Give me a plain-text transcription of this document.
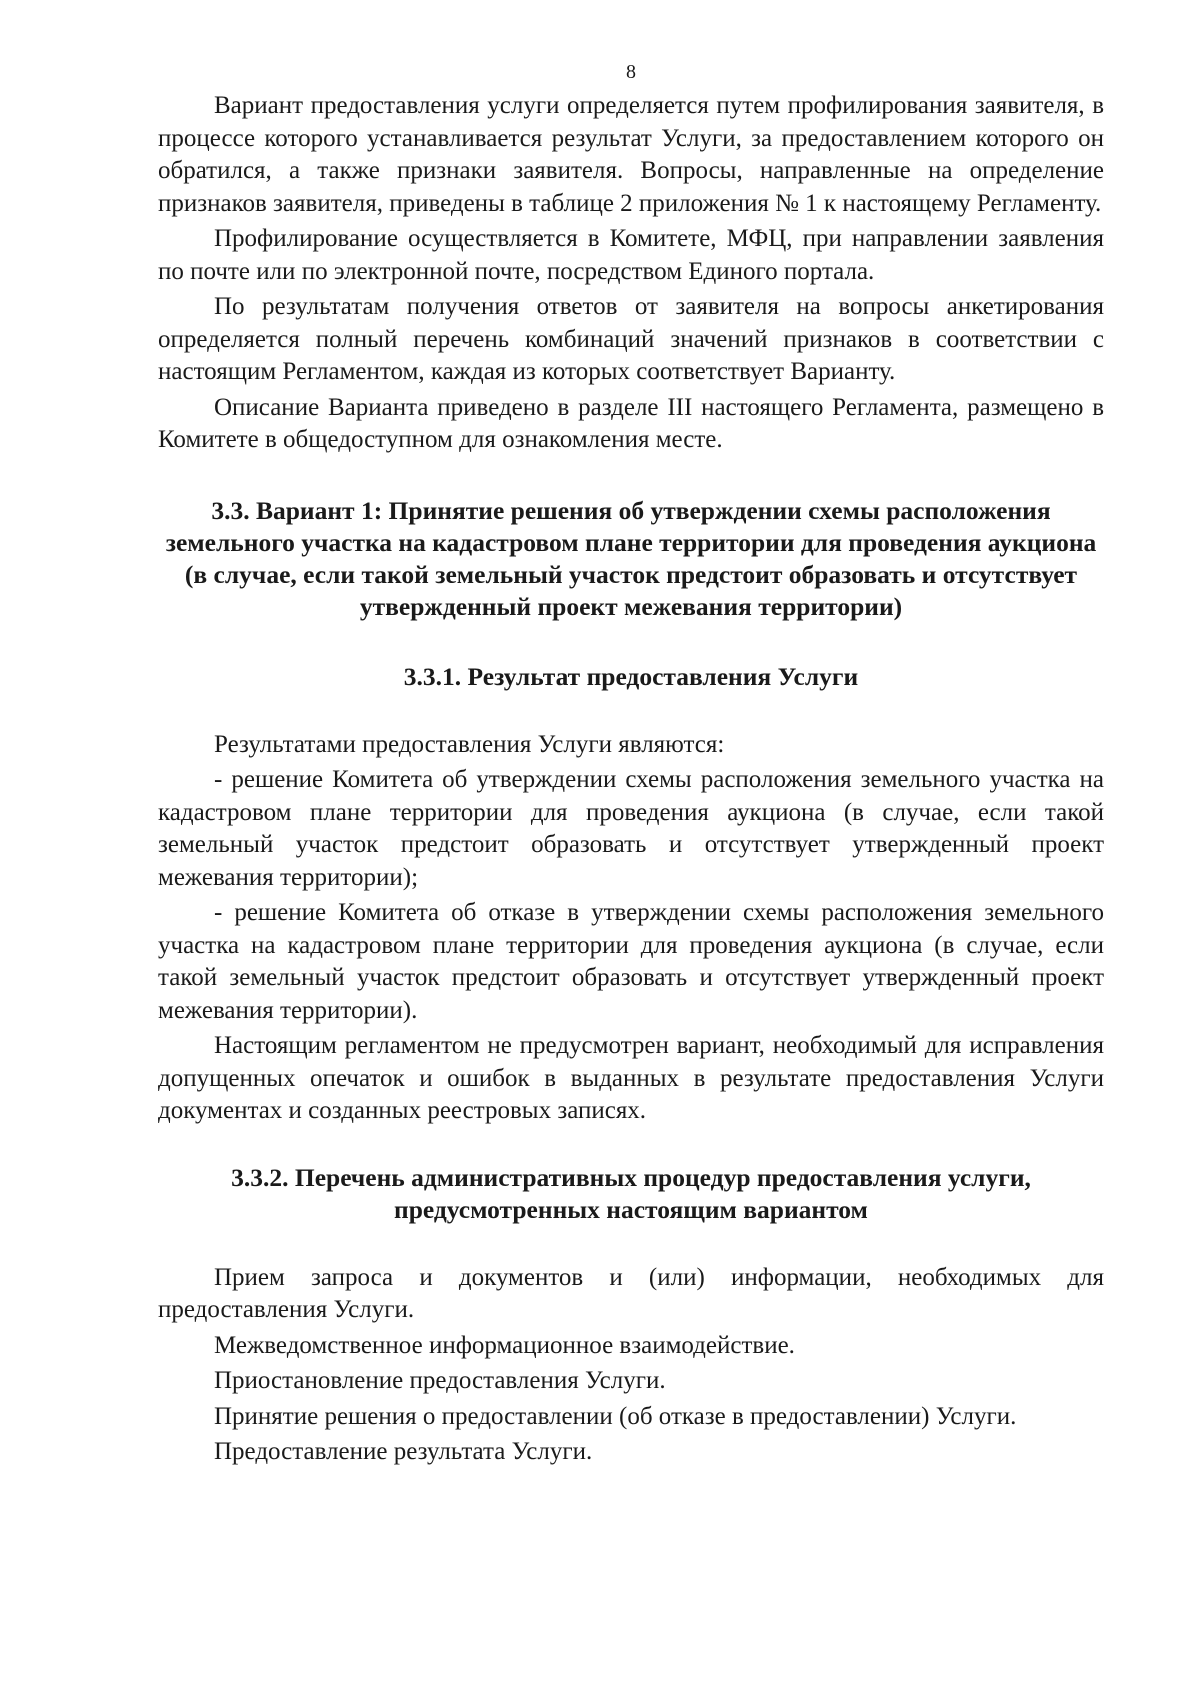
8

Вариант предоставления услуги определяется путем профилирования заявителя, в процессе которого устанавливается результат Услуги, за предоставлением которого он обратился, а также признаки заявителя. Вопросы, направленные на определение признаков заявителя, приведены в таблице 2 приложения № 1 к настоящему Регламенту.

Профилирование осуществляется в Комитете, МФЦ, при направлении заявления по почте или по электронной почте, посредством Единого портала.

По результатам получения ответов от заявителя на вопросы анкетирования определяется полный перечень комбинаций значений признаков в соответствии с настоящим Регламентом, каждая из которых соответствует Варианту.

Описание Варианта приведено в разделе III настоящего Регламента, размещено в Комитете в общедоступном для ознакомления месте.

3.3. Вариант 1: Принятие решения об утверждении схемы расположения земельного участка на кадастровом плане территории для проведения аукциона (в случае, если такой земельный участок предстоит образовать и отсутствует утвержденный проект межевания территории)
3.3.1. Результат предоставления Услуги

Результатами предоставления Услуги являются:

- решение Комитета об утверждении схемы расположения земельного участка на кадастровом плане территории для проведения аукциона (в случае, если такой земельный участок предстоит образовать и отсутствует утвержденный проект межевания территории);

- решение Комитета об отказе в утверждении схемы расположения земельного участка на кадастровом плане территории для проведения аукциона (в случае, если такой земельный участок предстоит образовать и отсутствует утвержденный проект межевания территории).

Настоящим регламентом не предусмотрен вариант, необходимый для исправления допущенных опечаток и ошибок в выданных в результате предоставления Услуги документах и созданных реестровых записях.

3.3.2. Перечень административных процедур предоставления услуги, предусмотренных настоящим вариантом

Прием запроса и документов и (или) информации, необходимых для предоставления Услуги.

Межведомственное информационное взаимодействие.

Приостановление предоставления Услуги.

Принятие решения о предоставлении (об отказе в предоставлении) Услуги.

Предоставление результата Услуги.
